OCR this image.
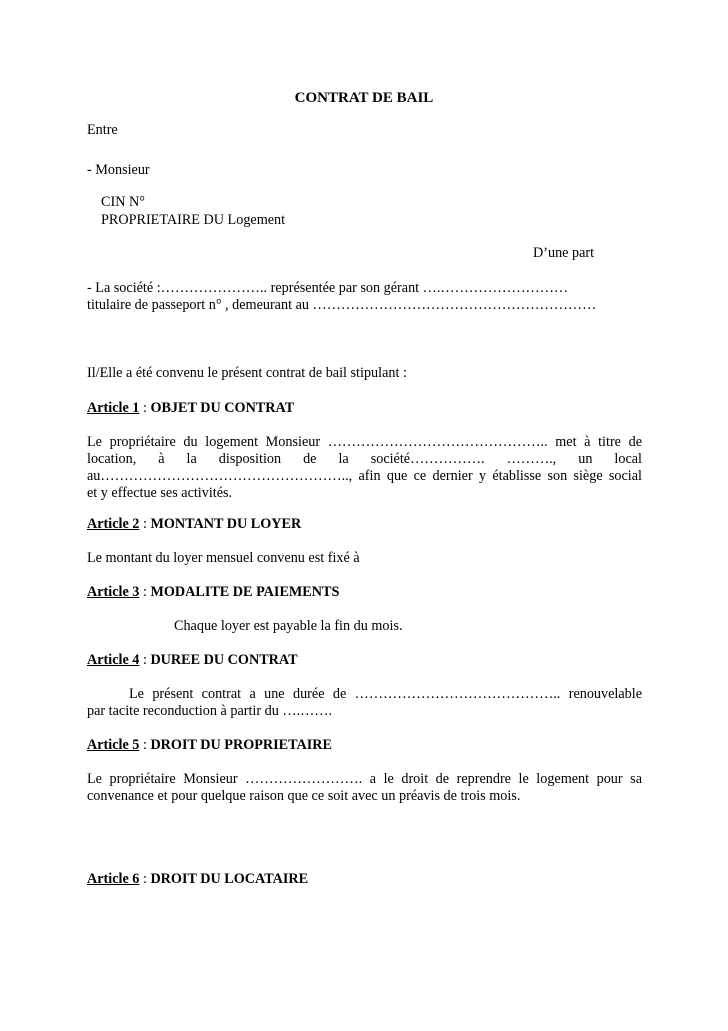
CONTRAT DE BAIL
Entre
- Monsieur
CIN N°
PROPRIETAIRE DU Logement
D’une part
- La société :………………….. représentée par son gérant ….………………………
titulaire de passeport n° , demeurant au ……………………………………………………
Il/Elle a été convenu le présent contrat de bail stipulant :
Article 1 : OBJET DU CONTRAT
Le propriétaire du logement Monsieur ……………………………………….. met à titre de
location, à la disposition de la société……………. ………., un local
au…………………………………………….., afin que ce dernier y établisse son siège social
et y effectue ses activités.
Article 2 : MONTANT DU LOYER
Le montant du loyer mensuel convenu est fixé à
Article 3 : MODALITE DE PAIEMENTS
Chaque loyer est payable la fin du mois.
Article 4 : DUREE DU CONTRAT
Le présent contrat a une durée de …………………………………….. renouvelable
par tacite reconduction à partir du ….…….
Article 5 : DROIT DU PROPRIETAIRE
Le propriétaire Monsieur ……………………. a le droit de reprendre le logement pour sa
convenance et pour quelque raison que ce soit avec un préavis de trois mois.
Article 6 : DROIT DU LOCATAIRE
